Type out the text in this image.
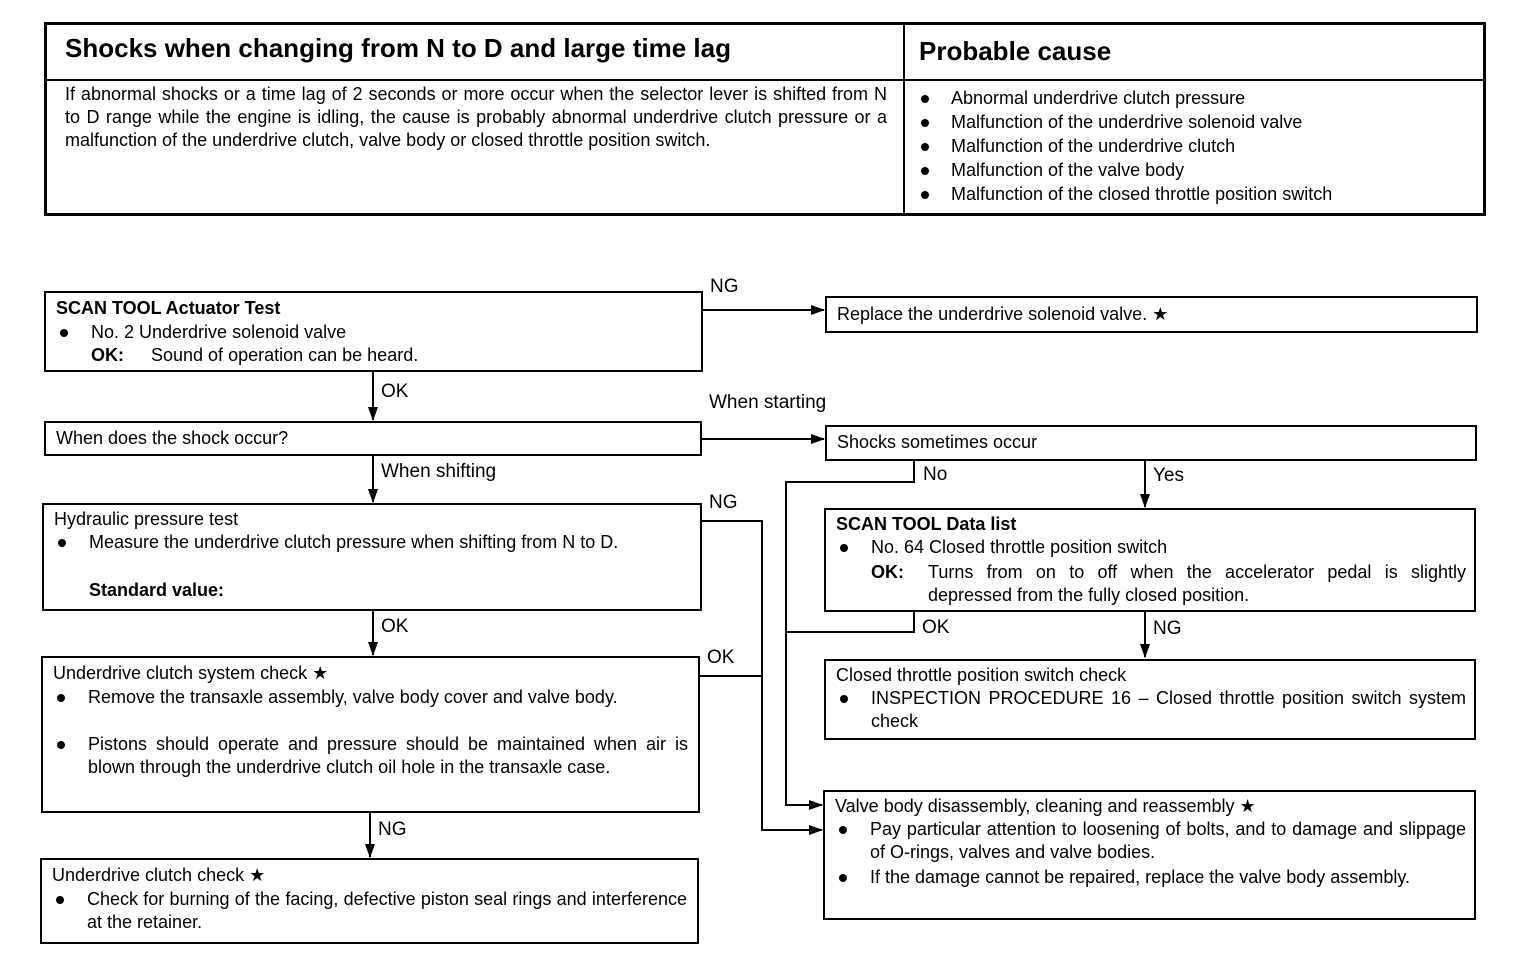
Shocks when changing from N to D and large time lag	Probable cause
If abnormal shocks or a time lag of 2 seconds or more occur when the selector lever is shifted from N to D range while the engine is idling, the cause is probably abnormal underdrive clutch pressure or a malfunction of the underdrive clutch, valve body or closed throttle position switch.
Abnormal underdrive clutch pressure
Malfunction of the underdrive solenoid valve
Malfunction of the underdrive clutch
Malfunction of the valve body
Malfunction of the closed throttle position switch
NG
OK
When starting
When shifting	No	Yes
NG
OK	OK	NG
OK
NG
SCAN TOOL Actuator Test
No. 2 Underdrive solenoid valve
OK: Sound of operation can be heard.
When does the shock occur?
Hydraulic pressure test
Measure the underdrive clutch pressure when shifting from N to D.
Standard value:
Underdrive clutch system check ★
Remove the transaxle assembly, valve body cover and valve body.
Pistons should operate and pressure should be maintained when air is blown through the underdrive clutch oil hole in the transaxle case.
Underdrive clutch check ★
Check for burning of the facing, defective piston seal rings and interference at the retainer.
Replace the underdrive solenoid valve. ★
Shocks sometimes occur
SCAN TOOL Data list
No. 64 Closed throttle position switch
OK: Turns from on to off when the accelerator pedal is slightly depressed from the fully closed position.
Closed throttle position switch check
INSPECTION PROCEDURE 16 – Closed throttle position switch system check
Valve body disassembly, cleaning and reassembly ★
Pay particular attention to loosening of bolts, and to damage and slippage of O-rings, valves and valve bodies.
If the damage cannot be repaired, replace the valve body assembly.
